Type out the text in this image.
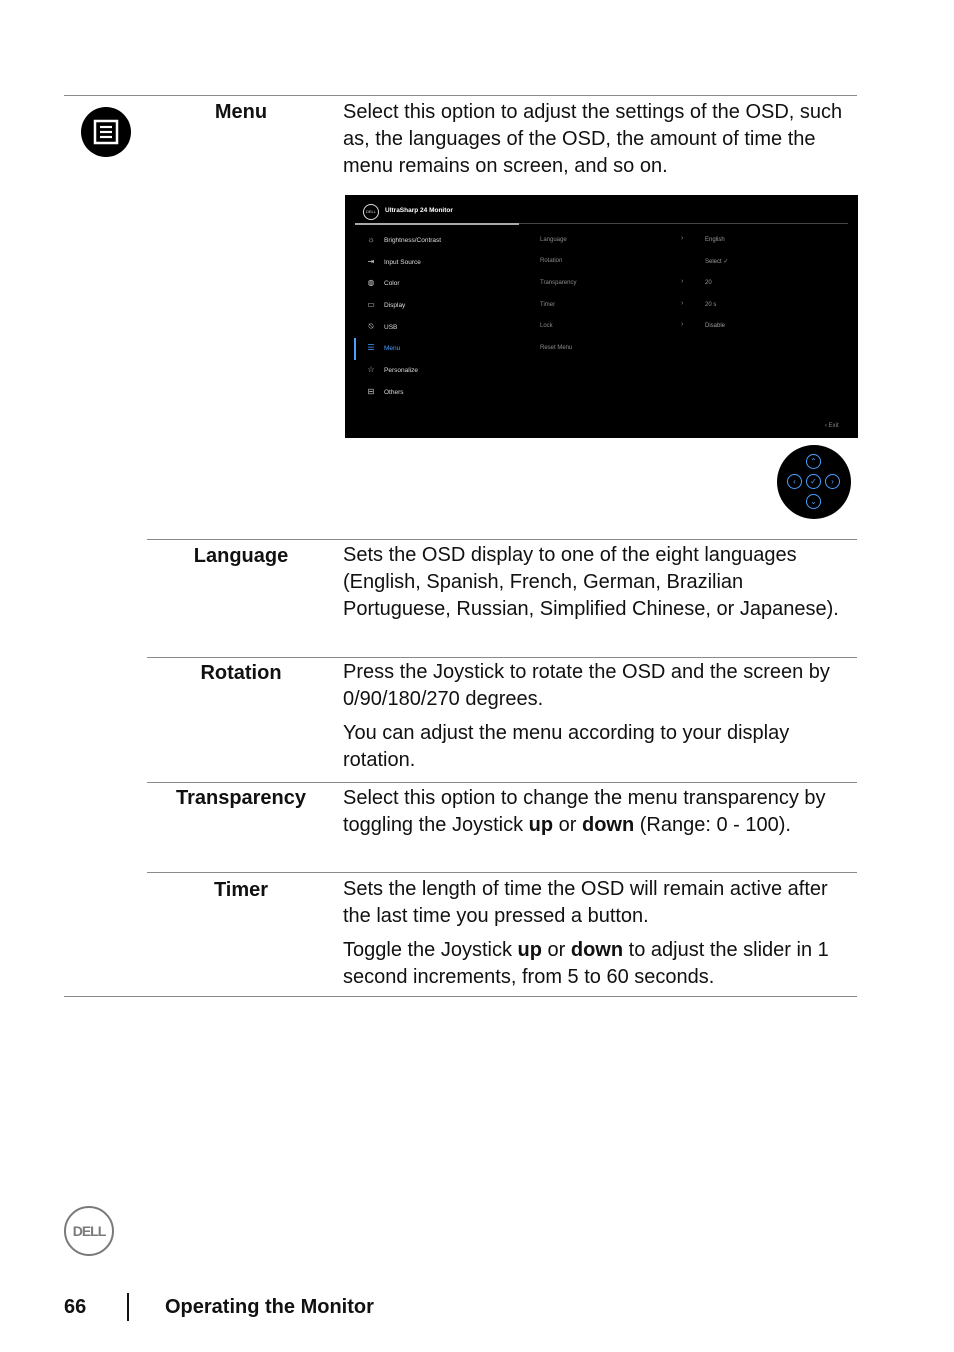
Menu	Select this option to adjust the settings of the OSD, such as, the languages of the OSD, the amount of time the menu remains on screen, and so on.

DELL	UltraSharp 24 Monitor
☼ Brightness/Contrast
⇥ Input Source
◍ Color
▭ Display
⍉ USB
☰ Menu
☆ Personalize
⊟ Others
Language
Rotation
Transparency
Timer
Lock
Reset Menu
›
›
›
›
English
Select ✓
20
20 s
Disable
‹ Exit
⌃
‹	✓	›
⌄
Language	Sets the OSD display to one of the eight languages (English, Spanish, French, German, Brazilian Portuguese, Russian, Simplified Chinese, or Japanese).

Rotation	Press the Joystick to rotate the OSD and the screen by 0/90/180/270 degrees.

You can adjust the menu according to your display rotation.

Transparency	Select this option to change the menu transparency by toggling the Joystick up or down (Range: 0 - 100).

Timer	Sets the length of time the OSD will remain active after the last time you pressed a button.

Toggle the Joystick up or down to adjust the slider in 1 second increments, from 5 to 60 seconds.

DELL
66	Operating the Monitor
